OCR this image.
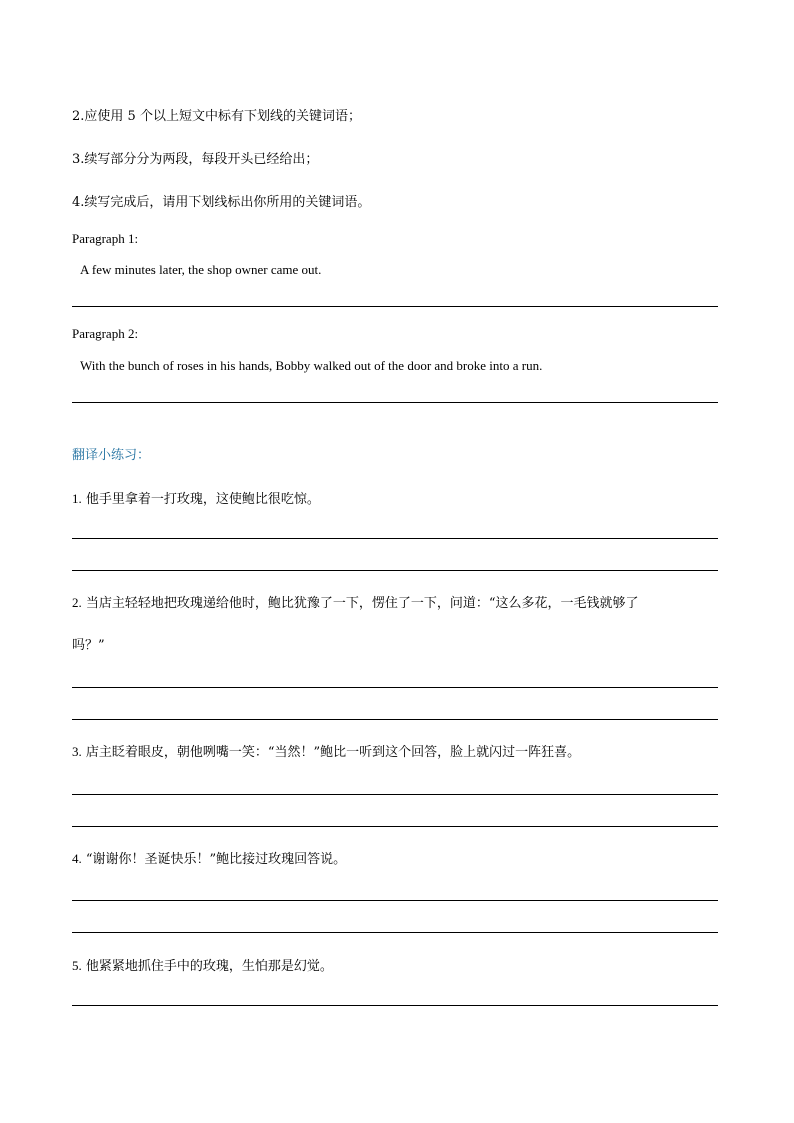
2.应使用 5 个以上短文中标有下划线的关键词语；
3.续写部分分为两段，每段开头已经给出；
4.续写完成后，请用下划线标出你所用的关键词语。
Paragraph 1:
A few minutes later, the shop owner came out.
Paragraph 2:
With the bunch of roses in his hands, Bobby walked out of the door and broke into a run.
翻译小练习：
1. 他手里拿着一打玫瑰，这使鲍比很吃惊。
2. 当店主轻轻地把玫瑰递给他时，鲍比犹豫了一下，愣住了一下，问道：“这么多花，一毛钱就够了
吗？”
3. 店主眨着眼皮，朝他咧嘴一笑：“当然！”鲍比一听到这个回答，脸上就闪过一阵狂喜。
4. “谢谢你！圣诞快乐！”鲍比接过玫瑰回答说。
5. 他紧紧地抓住手中的玫瑰，生怕那是幻觉。
